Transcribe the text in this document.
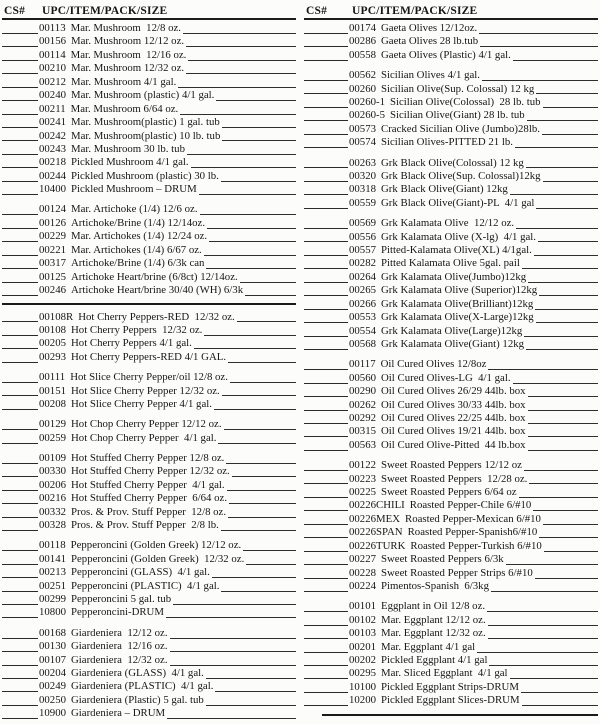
CS#	UPC/ITEM/PACK/SIZE
00113 Mar. Mushroom  12/8 oz.
00156 Mar. Mushroom 12/12 oz.
00114 Mar. Mushroom  12/16 oz.
00210 Mar. Mushroom 12/32 oz.
00212 Mar. Mushroom 4/1 gal.
00240 Mar. Mushroom (plastic) 4/1 gal.
00211 Mar. Mushroom 6/64 oz.
00241 Mar. Mushroom(plastic) 1 gal. tub
00242 Mar. Mushroom(plastic) 10 lb. tub
00243 Mar. Mushroom 30 lb. tub
00218 Pickled Mushroom 4/1 gal.
00244 Pickled Mushroom (plastic) 30 lb.
10400 Pickled Mushroom – DRUM
00124 Mar. Artichoke (1/4) 12/6 oz.
00126 Artichoke/Brine (1/4) 12/14oz.
00229 Mar. Artichokes (1/4) 12/24 oz.
00221 Mar. Artichokes (1/4) 6/67 oz.
00317 Artichoke/Brine (1/4) 6/3k can
00125 Artichoke Heart/brine (6/8ct) 12/14oz.
00246 Artichoke Heart/brine 30/40 (WH) 6/3k
00108R Hot Cherry Peppers-RED  12/32 oz.
00108 Hot Cherry Peppers  12/32 oz.
00205 Hot Cherry Peppers 4/1 gal.
00293 Hot Cherry Peppers-RED 4/1 GAL.
00111 Hot Slice Cherry Pepper/oil 12/8 oz.
00151 Hot Slice Cherry Pepper 12/32 oz.
00208 Hot Slice Cherry Pepper 4/1 gal.
00129 Hot Chop Cherry Pepper 12/12 oz.
00259 Hot Chop Cherry Pepper  4/1 gal.
00109 Hot Stuffed Cherry Pepper 12/8 oz.
00330 Hot Stuffed Cherry Pepper 12/32 oz.
00206 Hot Stuffed Cherry Pepper  4/1 gal.
00216 Hot Stuffed Cherry Pepper  6/64 oz.
00332 Pros. & Prov. Stuff Pepper  12/8 oz.
00328 Pros. & Prov. Stuff Pepper  2/8 lb.
00118 Pepperoncini (Golden Greek) 12/12 oz.
00141 Pepperoncini (Golden Greek)  12/32 oz.
00213 Pepperoncini (GLASS)  4/1 gal.
00251 Pepperoncini (PLASTIC)  4/1 gal.
00299 Pepperoncini 5 gal. tub
10800 Pepperoncini-DRUM
00168 Giardeniera  12/12 oz.
00130 Giardeniera  12/16 oz.
00107 Giardeniera  12/32 oz.
00204 Giardeniera (GLASS)  4/1 gal.
00249 Giardeniera (PLASTIC)  4/1 gal.
00250 Giardeniera (Plastic) 5 gal. tub
10900 Giardeniera – DRUM
CS#	UPC/ITEM/PACK/SIZE
00174 Gaeta Olives 12/12oz.
00286 Gaeta Olives 28 lb.tub
00558 Gaeta Olives (Plastic) 4/1 gal.
00562 Sicilian Olives 4/1 gal.
00260 Sicilian Olive(Sup. Colossal) 12 kg
00260-1 Sicilian Olive(Colossal)  28 lb. tub
00260-5 Sicilian Olive(Giant) 28 lb. tub
00573 Cracked Sicilian Olive (Jumbo)28lb.
00574 Sicilian Olives-PITTED 21 lb.
00263 Grk Black Olive(Colossal) 12 kg
00320 Grk Black Olive(Sup. Colossal)12kg
00318 Grk Black Olive(Giant) 12kg
00559 Grk Black Olive(Giant)-PL  4/1 gal
00569 Grk Kalamata Olive  12/12 oz.
00556 Grk Kalamata Olive (X-lg)  4/1 gal.
00557 Pitted-Kalamata Olive(XL) 4/1gal.
00282 Pitted Kalamata Olive 5gal. pail
00264 Grk Kalamata Olive(Jumbo)12kg
00265 Grk Kalamata Olive (Superior)12kg
00266 Grk Kalamata Olive(Brilliant)12kg
00553 Grk Kalamata Olive(X-Large)12kg
00554 Grk Kalamata Olive(Large)12kg
00568 Grk Kalamata Olive(Giant) 12kg
00117 Oil Cured Olives 12/8oz
00560 Oil Cured Olives-LG  4/1 gal.
00290 Oil Cured Olives 26/29 44lb. box
00262 Oil Cured Olives 30/33 44lb. box
00292 Oil Cured Olives 22/25 44lb. box
00315 Oil Cured Olives 19/21 44lb. box
00563 Oil Cured Olive-Pitted  44 lb.box
00122 Sweet Roasted Peppers 12/12 oz
00223 Sweet Roasted Peppers  12/28 oz.
00225 Sweet Roasted Peppers 6/64 oz
00226CHILI Roasted Pepper-Chile 6/#10
00226MEX Roasted Pepper-Mexican 6/#10
00226SPAN Roasted Pepper-Spanish6/#10
00226TURK Roasted Pepper-Turkish 6/#10
00227 Sweet Roasted Peppers 6/3k
00228 Sweet Roasted Pepper Strips 6/#10
00224 Pimentos-Spanish  6/3kg
00101 Eggplant in Oil 12/8 oz.
00102 Mar. Eggplant 12/12 oz.
00103 Mar. Eggplant 12/32 oz.
00201 Mar. Eggplant 4/1 gal
00202 Pickled Eggplant 4/1 gal
00295 Mar. Sliced Eggplant  4/1 gal
10100 Pickled Eggplant Strips-DRUM
10200 Pickled Eggplant Slices-DRUM
